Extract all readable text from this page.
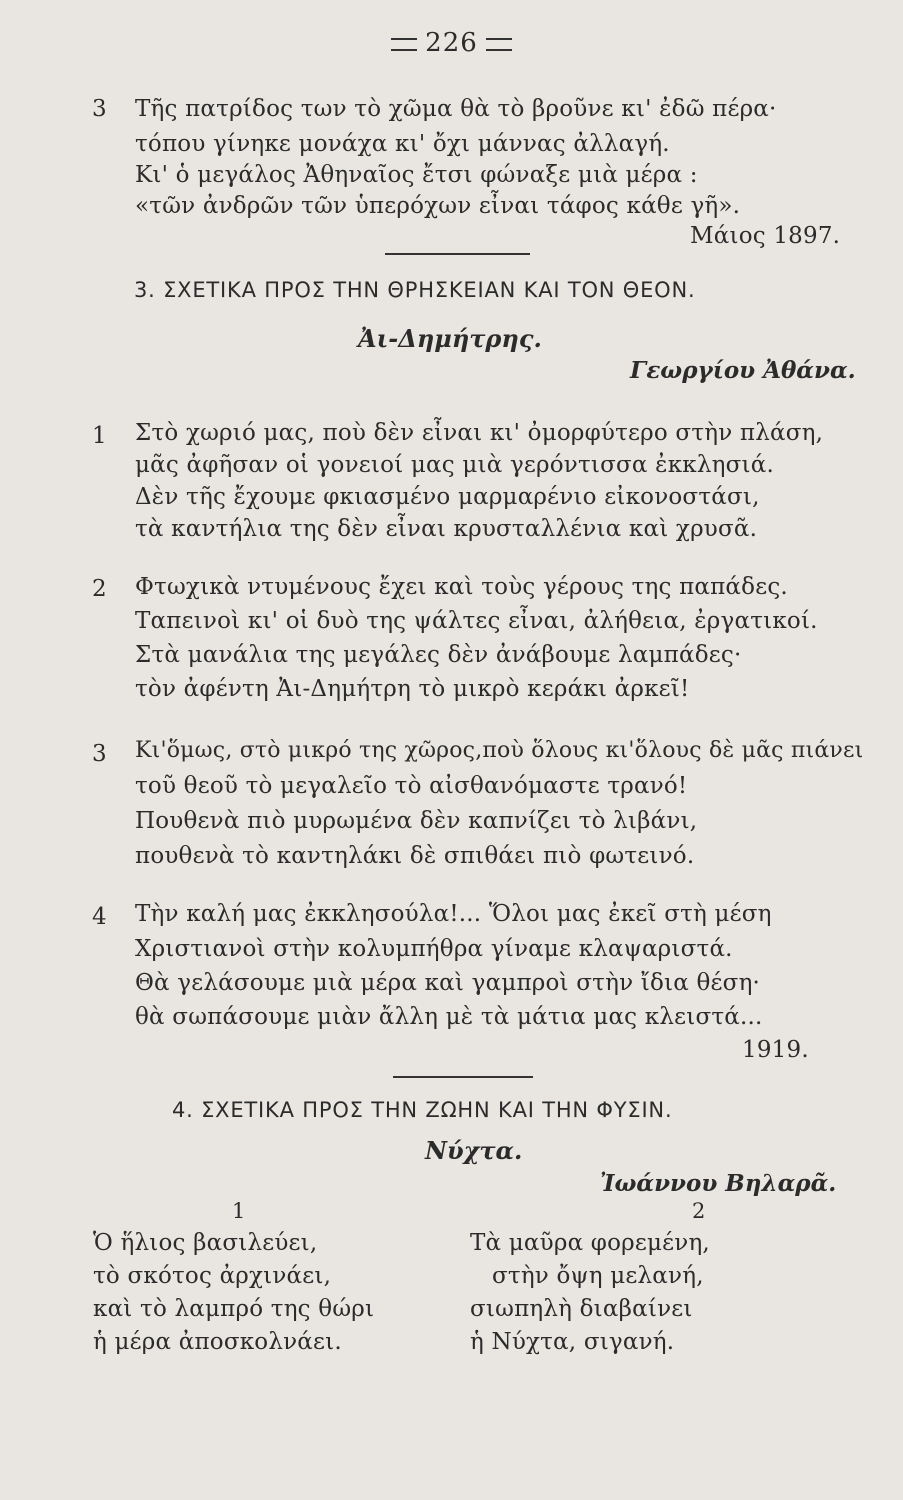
226
3 Τῆς πατρίδος των τὸ χῶμα θὰ τὸ βροῦνε κι' ἐδῶ πέρα·
τόπου γίνηκε μονάχα κι' ὄχι μάννας ἀλλαγή.
Κι' ὁ μεγάλος Ἀθηναῖος ἔτσι φώναξε μιὰ μέρα :
«τῶν ἀνδρῶν τῶν ὑπερόχων εἶναι τάφος κάθε γῆ».
Μάιος 1897.
3. ΣΧΕΤΙΚΑ ΠΡΟΣ ΤΗΝ ΘΡΗΣΚΕΙΑΝ ΚΑΙ ΤΟΝ ΘΕΟΝ.
Ἀι-Δημήτρης.
Γεωργίου Ἀθάνα.
1 Στὸ χωριό μας, ποὺ δὲν εἶναι κι' ὀμορφύτερο στὴν πλάση,
μᾶς ἀφῆσαν οἱ γονειοί μας μιὰ γερόντισσα ἐκκλησιά.
Δὲν τῆς ἔχουμε φκιασμένο μαρμαρένιο εἰκονοστάσι,
τὰ καντήλια της δὲν εἶναι κρυσταλλένια καὶ χρυσᾶ.
2 Φτωχικὰ ντυμένους ἔχει καὶ τοὺς γέρους της παπάδες.
Ταπεινοὶ κι' οἱ δυὸ της ψάλτες εἶναι, ἀλήθεια, ἐργατικοί.
Στὰ μανάλια της μεγάλες δὲν ἀνάβουμε λαμπάδες·
τὸν ἀφέντη Ἀι-Δημήτρη τὸ μικρὸ κεράκι ἀρκεῖ!
3 Κι'ὅμως, στὸ μικρό της χῶρος,ποὺ ὅλους κι'ὅλους δὲ μᾶς πιάνει
τοῦ θεοῦ τὸ μεγαλεῖο τὸ αἰσθανόμαστε τρανό!
Πουθενὰ πιὸ μυρωμένα δὲν καπνίζει τὸ λιβάνι,
πουθενὰ τὸ καντηλάκι δὲ σπιθάει πιὸ φωτεινό.
4 Τὴν καλή μας ἐκκλησούλα!... Ὅλοι μας ἐκεῖ στὴ μέση
Χριστιανοὶ στὴν κολυμπήθρα γίναμε κλαψαριστά.
Θὰ γελάσουμε μιὰ μέρα καὶ γαμπροὶ στὴν ἴδια θέση·
θὰ σωπάσουμε μιὰν ἄλλη μὲ τὰ μάτια μας κλειστά...
1919.
4. ΣΧΕΤΙΚΑ ΠΡΟΣ ΤΗΝ ΖΩΗΝ ΚΑΙ ΤΗΝ ΦΥΣΙΝ.
Νύχτα.
Ἰωάννου Βηλαρᾶ.
1	2
Ὁ ἥλιος βασιλεύει,
τὸ σκότος ἀρχινάει,
καὶ τὸ λαμπρό της θώρι
ἡ μέρα ἀποσκολνάει.
Τὰ μαῦρα φορεμένη,
στὴν ὄψη μελανή,
σιωπηλὴ διαβαίνει
ἡ Νύχτα, σιγανή.
